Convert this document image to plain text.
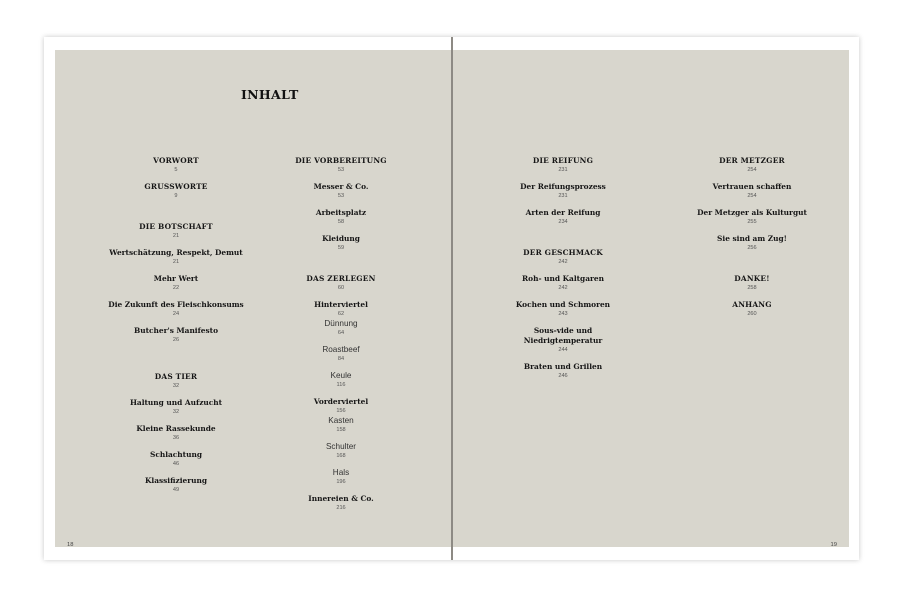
INHALT
VORWORT
5
GRUSSWORTE
9
DIE BOTSCHAFT
21
Wertschätzung, Respekt, Demut
21
Mehr Wert
22
Die Zukunft des Fleischkonsums
24
Butcher's Manifesto
26
DAS TIER
32
Haltung und Aufzucht
32
Kleine Rassekunde
36
Schlachtung
46
Klassifizierung
49
DIE VORBEREITUNG
53
Messer & Co.
53
Arbeitsplatz
58
Kleidung
59
DAS ZERLEGEN
60
Hinterviertel
62
Dünnung
64
Roastbeef
84
Keule
116
Vorderviertel
156
Kasten
158
Schulter
168
Hals
196
Innereien & Co.
216
18
DIE REIFUNG
231
Der Reifungsprozess
231
Arten der Reifung
234
DER GESCHMACK
242
Roh- und Kaltgaren
242
Kochen und Schmoren
243
Sous-vide und Niedrigtemperatur
244
Braten und Grillen
246
DER METZGER
254
Vertrauen schaffen
254
Der Metzger als Kulturgut
255
Sie sind am Zug!
256
DANKE!
258
ANHANG
260
19
